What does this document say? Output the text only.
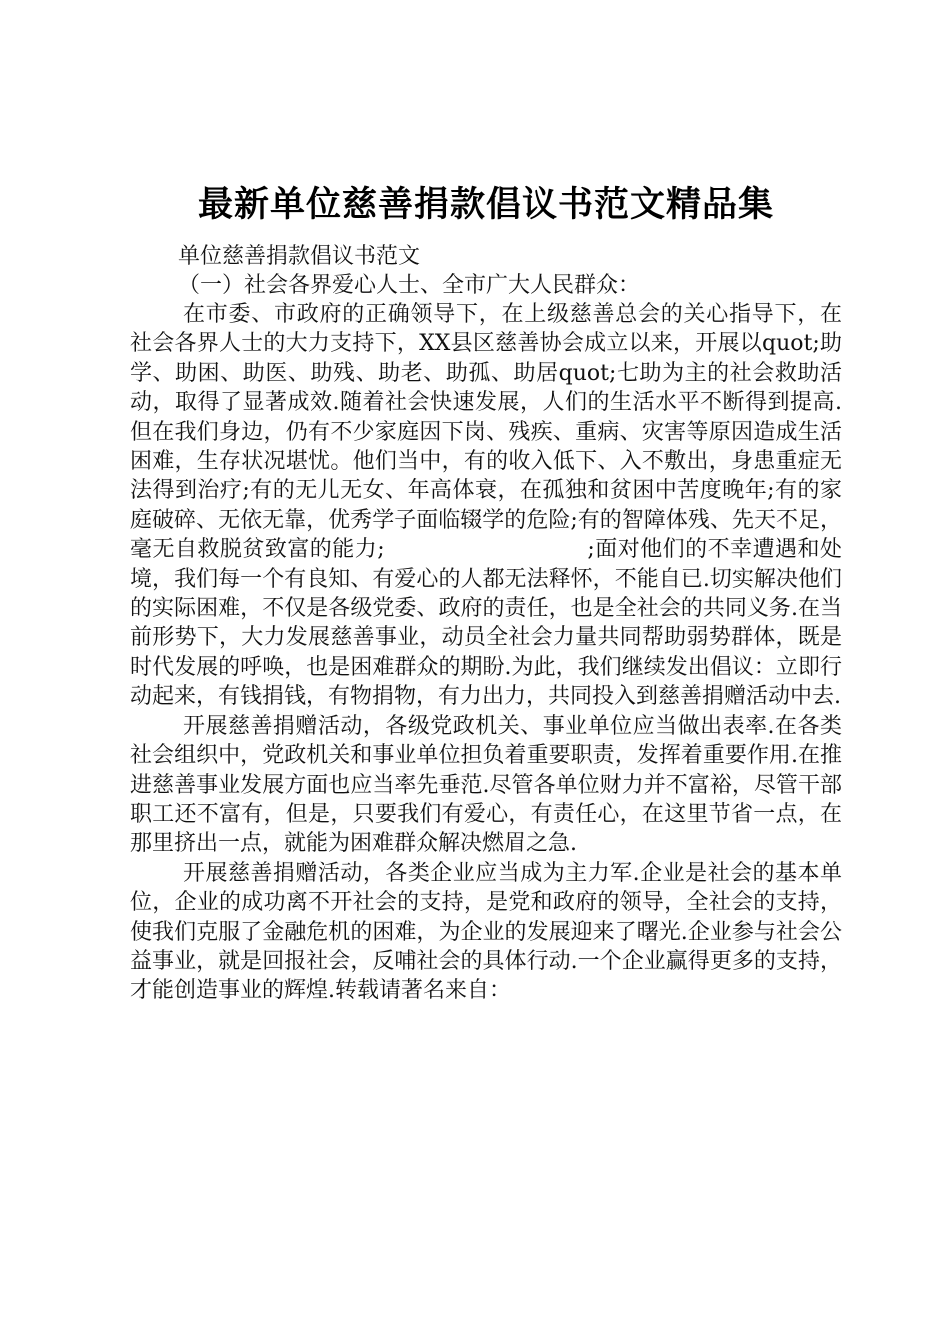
最新单位慈善捐款倡议书范文精品集

单位慈善捐款倡议书范文

（一）社会各界爱心人士、全市广大人民群众：

在市委、市政府的正确领导下，在上级慈善总会的关心指导下，在社会各界人士的大力支持下，XX县区慈善协会成立以来，开展以quot;助学、助困、助医、助残、助老、助孤、助居quot;七助为主的社会救助活动，取得了显著成效.随着社会快速发展，人们的生活水平不断得到提高.但在我们身边，仍有不少家庭因下岗、残疾、重病、灾害等原因造成生活困难，生存状况堪忧。他们当中，有的收入低下、入不敷出，身患重症无法得到治疗;有的无儿无女、年高体衰，在孤独和贫困中苦度晚年;有的家庭破碎、无依无靠，优秀学子面临辍学的危险;有的智障体残、先天不足，毫无自救脱贫致富的能力;　　　　　　　　　;面对他们的不幸遭遇和处境，我们每一个有良知、有爱心的人都无法释怀，不能自已.切实解决他们的实际困难，不仅是各级党委、政府的责任，也是全社会的共同义务.在当前形势下，大力发展慈善事业，动员全社会力量共同帮助弱势群体，既是时代发展的呼唤，也是困难群众的期盼.为此，我们继续发出倡议：立即行动起来，有钱捐钱，有物捐物，有力出力，共同投入到慈善捐赠活动中去.

开展慈善捐赠活动，各级党政机关、事业单位应当做出表率.在各类社会组织中，党政机关和事业单位担负着重要职责，发挥着重要作用.在推进慈善事业发展方面也应当率先垂范.尽管各单位财力并不富裕，尽管干部职工还不富有，但是，只要我们有爱心，有责任心，在这里节省一点，在那里挤出一点，就能为困难群众解决燃眉之急.

开展慈善捐赠活动，各类企业应当成为主力军.企业是社会的基本单位，企业的成功离不开社会的支持，是党和政府的领导，全社会的支持，使我们克服了金融危机的困难，为企业的发展迎来了曙光.企业参与社会公益事业，就是回报社会，反哺社会的具体行动.一个企业赢得更多的支持，才能创造事业的辉煌.转载请著名来自：
